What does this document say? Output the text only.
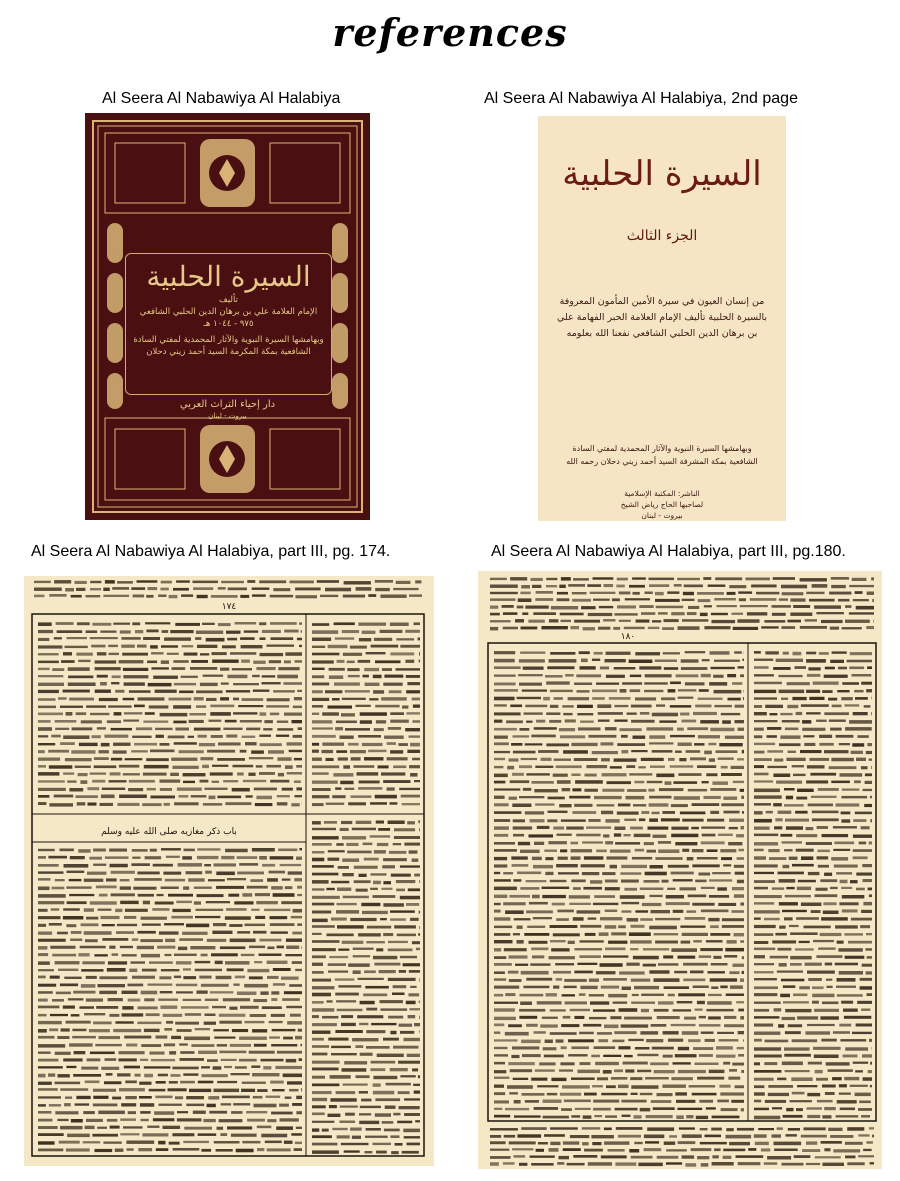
references
Al Seera Al Nabawiya Al Halabiya	Al Seera Al Nabawiya Al Halabiya, 2nd page
Al Seera Al Nabawiya Al Halabiya, part III, pg. 174.	Al Seera Al Nabawiya Al Halabiya, part III, pg.180.
السيرة الحلبية
تأليف
الإمام العلامة علي بن برهان الدين الحلبي الشافعي
٩٧٥ - ١٠٤٤ هـ
وبهامشها السيرة النبوية والآثار المحمدية لمفتي السادة الشافعية بمكة المكرمة السيد أحمد زيني دحلان
دار إحياء التراث العربي
بيروت - لبنان
السيرة الحلبية
الجزء الثالث
من إنسان العيون في سيرة الأمين المأمون المعروفة بالسيرة الحلبية تأليف الإمام العلامة الحبر الفهامة علي بن برهان الدين الحلبي الشافعي نفعنا الله بعلومه
وبهامشها السيرة النبوية والآثار المحمدية لمفتي السادة الشافعية بمكة المشرفة السيد أحمد زيني دحلان رحمه الله
الناشر: المكتبة الإسلامية
لصاحبها الحاج رياض الشيخ
بيروت - لبنان
١٧٤
باب ذكر مغازيه صلى الله عليه وسلم
١٨٠
